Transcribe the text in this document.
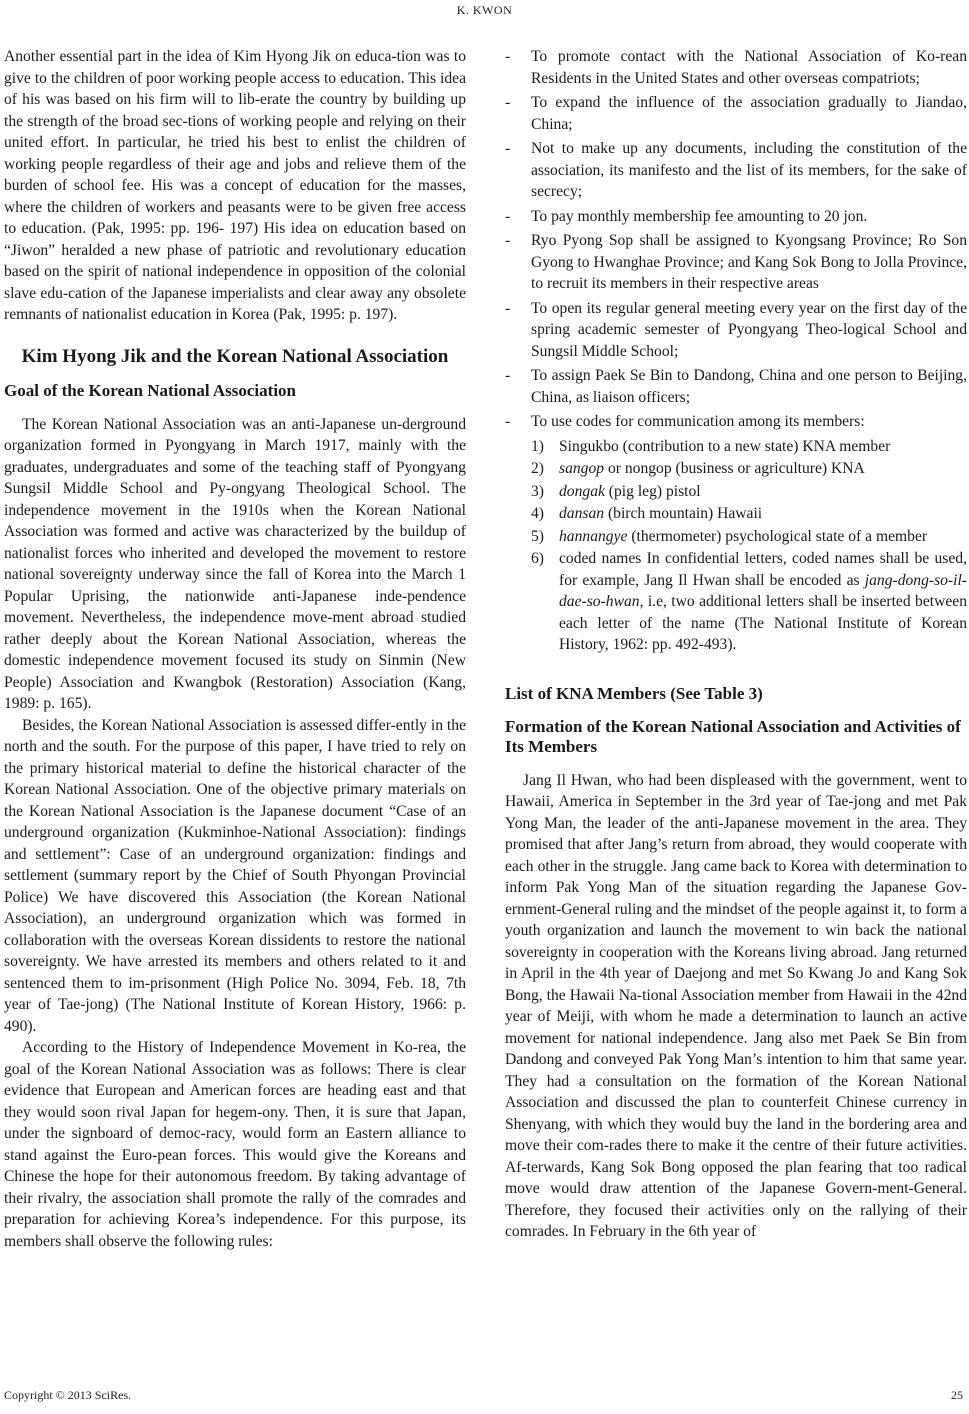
K. KWON

Another essential part in the idea of Kim Hyong Jik on educa-tion was to give to the children of poor working people access to education. This idea of his was based on his firm will to lib-erate the country by building up the strength of the broad sec-tions of working people and relying on their united effort. In particular, he tried his best to enlist the children of working people regardless of their age and jobs and relieve them of the burden of school fee. His was a concept of education for the masses, where the children of workers and peasants were to be given free access to education. (Pak, 1995: pp. 196- 197) His idea on education based on “Jiwon” heralded a new phase of patriotic and revolutionary education based on the spirit of national independence in opposition of the colonial slave edu-cation of the Japanese imperialists and clear away any obsolete remnants of nationalist education in Korea (Pak, 1995: p. 197).

Kim Hyong Jik and the Korean National Association
Goal of the Korean National Association

The Korean National Association was an anti-Japanese un-derground organization formed in Pyongyang in March 1917, mainly with the graduates, undergraduates and some of the teaching staff of Pyongyang Sungsil Middle School and Py-ongyang Theological School. The independence movement in the 1910s when the Korean National Association was formed and active was characterized by the buildup of nationalist forces who inherited and developed the movement to restore national sovereignty underway since the fall of Korea into the March 1 Popular Uprising, the nationwide anti-Japanese inde-pendence movement. Nevertheless, the independence move-ment abroad studied rather deeply about the Korean National Association, whereas the domestic independence movement focused its study on Sinmin (New People) Association and Kwangbok (Restoration) Association (Kang, 1989: p. 165).

Besides, the Korean National Association is assessed differ-ently in the north and the south. For the purpose of this paper, I have tried to rely on the primary historical material to define the historical character of the Korean National Association. One of the objective primary materials on the Korean National Association is the Japanese document “Case of an underground organization (Kukminhoe-National Association): findings and settlement”: Case of an underground organization: findings and settlement (summary report by the Chief of South Phyongan Provincial Police) We have discovered this Association (the Korean National Association), an underground organization which was formed in collaboration with the overseas Korean dissidents to restore the national sovereignty. We have arrested its members and others related to it and sentenced them to im-prisonment (High Police No. 3094, Feb. 18, 7th year of Tae-jong) (The National Institute of Korean History, 1966: p. 490).

According to the History of Independence Movement in Ko-rea, the goal of the Korean National Association was as follows: There is clear evidence that European and American forces are heading east and that they would soon rival Japan for hegem-ony. Then, it is sure that Japan, under the signboard of democ-racy, would form an Eastern alliance to stand against the Euro-pean forces. This would give the Koreans and Chinese the hope for their autonomous freedom. By taking advantage of their rivalry, the association shall promote the rally of the comrades and preparation for achieving Korea’s independence. For this purpose, its members shall observe the following rules:

- To promote contact with the National Association of Ko-rean Residents in the United States and other overseas compatriots;
- To expand the influence of the association gradually to Jiandao, China;
- Not to make up any documents, including the constitution of the association, its manifesto and the list of its members, for the sake of secrecy;
- To pay monthly membership fee amounting to 20 jon.
- Ryo Pyong Sop shall be assigned to Kyongsang Province; Ro Son Gyong to Hwanghae Province; and Kang Sok Bong to Jolla Province, to recruit its members in their respective areas
- To open its regular general meeting every year on the first day of the spring academic semester of Pyongyang Theo-logical School and Sungsil Middle School;
- To assign Paek Se Bin to Dandong, China and one person to Beijing, China, as liaison officers;
- To use codes for communication among its members:
1) Singukbo (contribution to a new state) KNA member
2) sangop or nongop (business or agriculture) KNA
3) dongak (pig leg) pistol
4) dansan (birch mountain) Hawaii
5) hannangye (thermometer) psychological state of a member
6) coded names In confidential letters, coded names shall be used, for example, Jang Il Hwan shall be encoded as jang-dong-so-il-dae-so-hwan, i.e, two additional letters shall be inserted between each letter of the name (The National Institute of Korean History, 1962: pp. 492-493).
List of KNA Members (See Table 3)
Formation of the Korean National Association and Activities of Its Members

Jang Il Hwan, who had been displeased with the government, went to Hawaii, America in September in the 3rd year of Tae-jong and met Pak Yong Man, the leader of the anti-Japanese movement in the area. They promised that after Jang’s return from abroad, they would cooperate with each other in the struggle. Jang came back to Korea with determination to inform Pak Yong Man of the situation regarding the Japanese Gov-ernment-General ruling and the mindset of the people against it, to form a youth organization and launch the movement to win back the national sovereignty in cooperation with the Koreans living abroad. Jang returned in April in the 4th year of Daejong and met So Kwang Jo and Kang Sok Bong, the Hawaii Na-tional Association member from Hawaii in the 42nd year of Meiji, with whom he made a determination to launch an active movement for national independence. Jang also met Paek Se Bin from Dandong and conveyed Pak Yong Man’s intention to him that same year. They had a consultation on the formation of the Korean National Association and discussed the plan to counterfeit Chinese currency in Shenyang, with which they would buy the land in the bordering area and move their com-rades there to make it the centre of their future activities. Af-terwards, Kang Sok Bong opposed the plan fearing that too radical move would draw attention of the Japanese Govern-ment-General. Therefore, they focused their activities only on the rallying of their comrades. In February in the 6th year of

Copyright © 2013 SciRes.	25
